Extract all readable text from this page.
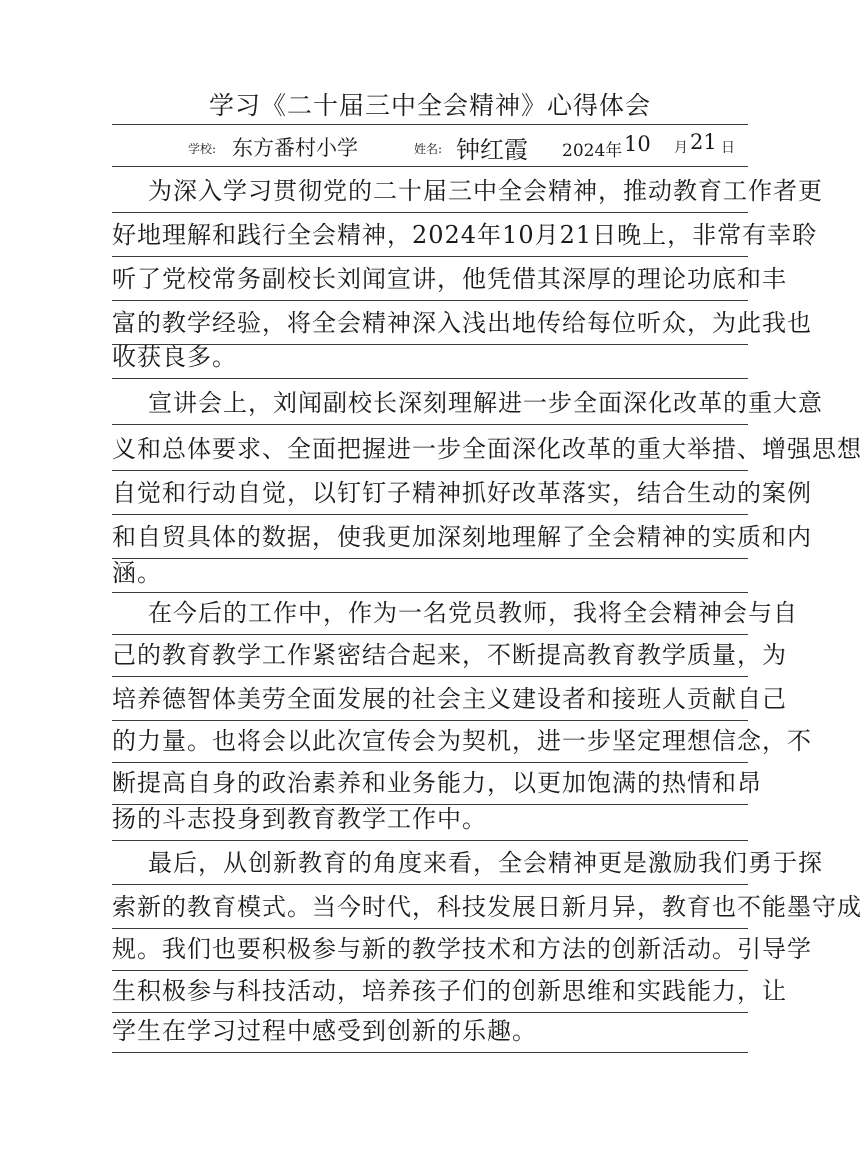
学习《二十届三中全会精神》心得体会
学校: 东方番村小学	姓名: 钟红霞 2024年 10 月 21 日
为深入学习贯彻党的二十届三中全会精神，推动教育工作者更
好地理解和践行全会精神，2024年10月21日晚上，非常有幸聆
听了党校常务副校长刘闻宣讲，他凭借其深厚的理论功底和丰
富的教学经验，将全会精神深入浅出地传给每位听众，为此我也
收获良多。
宣讲会上，刘闻副校长深刻理解进一步全面深化改革的重大意
义和总体要求、全面把握进一步全面深化改革的重大举措、增强思想
自觉和行动自觉，以钉钉子精神抓好改革落实，结合生动的案例
和自贸具体的数据，使我更加深刻地理解了全会精神的实质和内
涵。
在今后的工作中，作为一名党员教师，我将全会精神会与自
己的教育教学工作紧密结合起来，不断提高教育教学质量，为
培养德智体美劳全面发展的社会主义建设者和接班人贡献自己
的力量。也将会以此次宣传会为契机，进一步坚定理想信念，不
断提高自身的政治素养和业务能力，以更加饱满的热情和昂
扬的斗志投身到教育教学工作中。
最后，从创新教育的角度来看，全会精神更是激励我们勇于探
索新的教育模式。当今时代，科技发展日新月异，教育也不能墨守成
规。我们也要积极参与新的教学技术和方法的创新活动。引导学
生积极参与科技活动，培养孩子们的创新思维和实践能力，让
学生在学习过程中感受到创新的乐趣。
